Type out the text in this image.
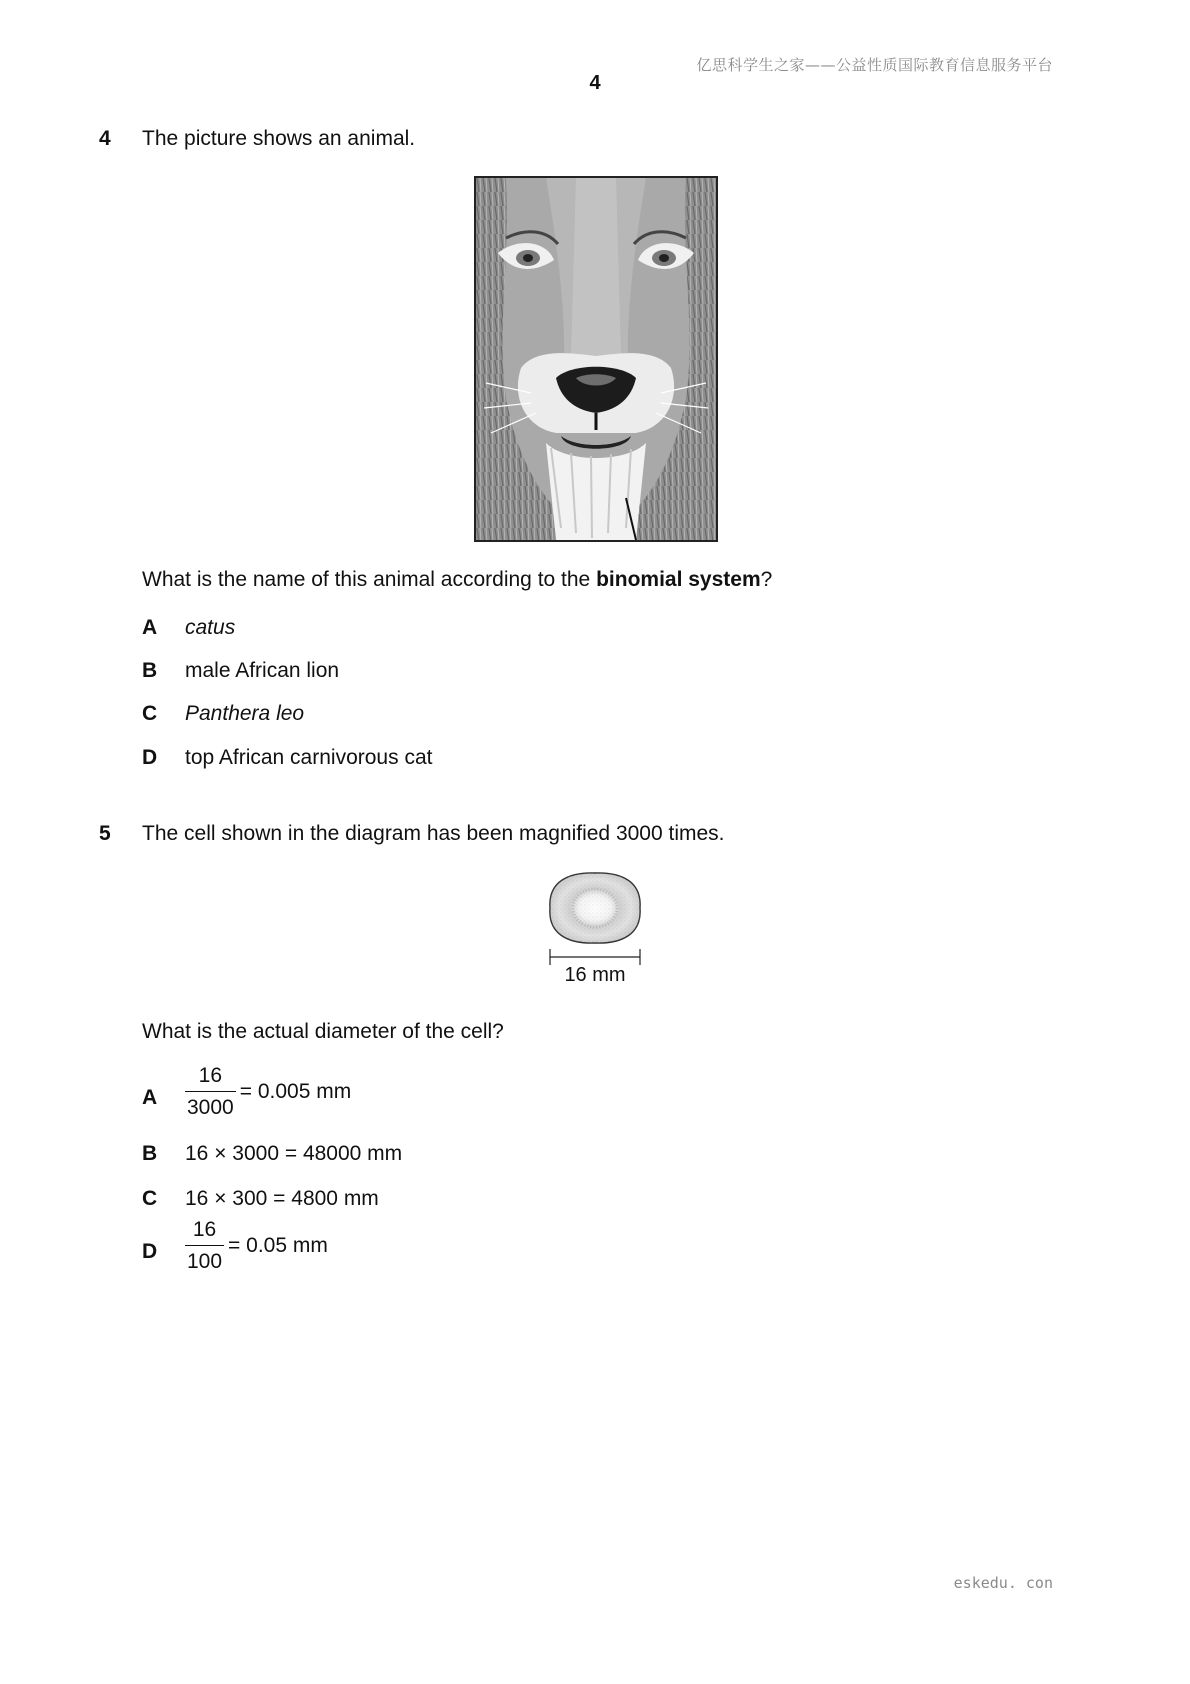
亿思科学生之家——公益性质国际教育信息服务平台
4
4 The picture shows an animal.
What is the name of this animal according to the binomial system?
A catus
B male African lion
C Panthera leo
D top African carnivorous cat
5 The cell shown in the diagram has been magnified 3000 times.
16 mm
What is the actual diameter of the cell?
A $\frac{16}{3000} = 0.005$ mm
B 16 × 3000 = 48000 mm
C 16 × 300 = 4800 mm
D $\frac{16}{100} = 0.05$ mm
eskedu. con
